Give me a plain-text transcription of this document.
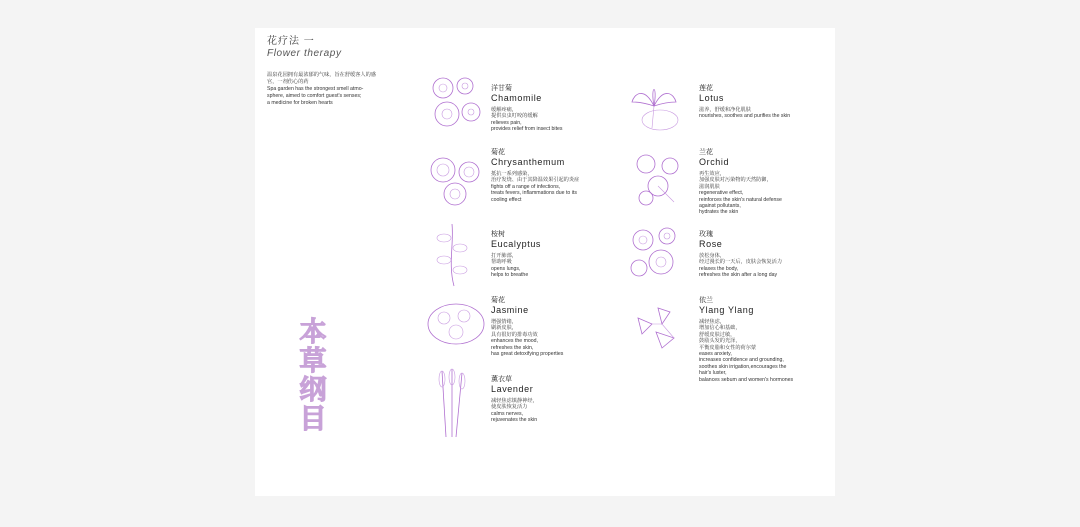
花疗法 一
Flower therapy
温泉花园拥有最浓郁的气味，旨在舒缓客人的感
官，一剂伤心的药
Spa garden has the strongest smell atmo-
sphere, aimed to comfort guest's senses;
a medicine for broken hearts
本
草
纲
目
洋甘菊
Chamomile
缓解疼痛，
提供虫虫叮咬的缓解
relieves pain,
provides relief from insect bites
莲花
Lotus
滋养，舒缓和净化肌肤
nourishes, soothes and purifies the skin
菊花
Chrysanthemum
抵抗一系列感染，
治疗发烧、由于其降温效果引起的炎症
fights off a range of infections,
treats fevers, inflammations due to its
cooling effect
兰花
Orchid
再生效应，
加强皮肤对污染物的天然防御，
滋润肌肤
regenerative effect,
reinforces the skin's natural defense
against pollutants,
hydrates the skin
桉树
Eucalyptus
打开肺部，
帮助呼吸
opens lungs,
helps to breathe
玫瑰
Rose
放松身体，
经过漫长的一天后，皮肤会恢复活力
relaxes the body,
refreshes the skin after a long day
菊花
Jasmine
增强情绪，
刷新皮肤，
具有很好的排毒功效
enhances the mood,
refreshes the skin,
has great detoxifying properties
依兰
Ylang Ylang
减轻焦虑，
增加信心和基础，
舒缓皮肤过敏，
鼓励头发的光泽，
平衡皮脂和女性的荷尔蒙
eases anxiety,
increases confidence and grounding,
soothes skin irrigation,encourages the
hair's luster,
balances sebum and women's hormones
薰衣草
Lavender
减轻焦虑镇静神经，
使皮肤恢复活力
calms nerves,
rejuvenates the skin
